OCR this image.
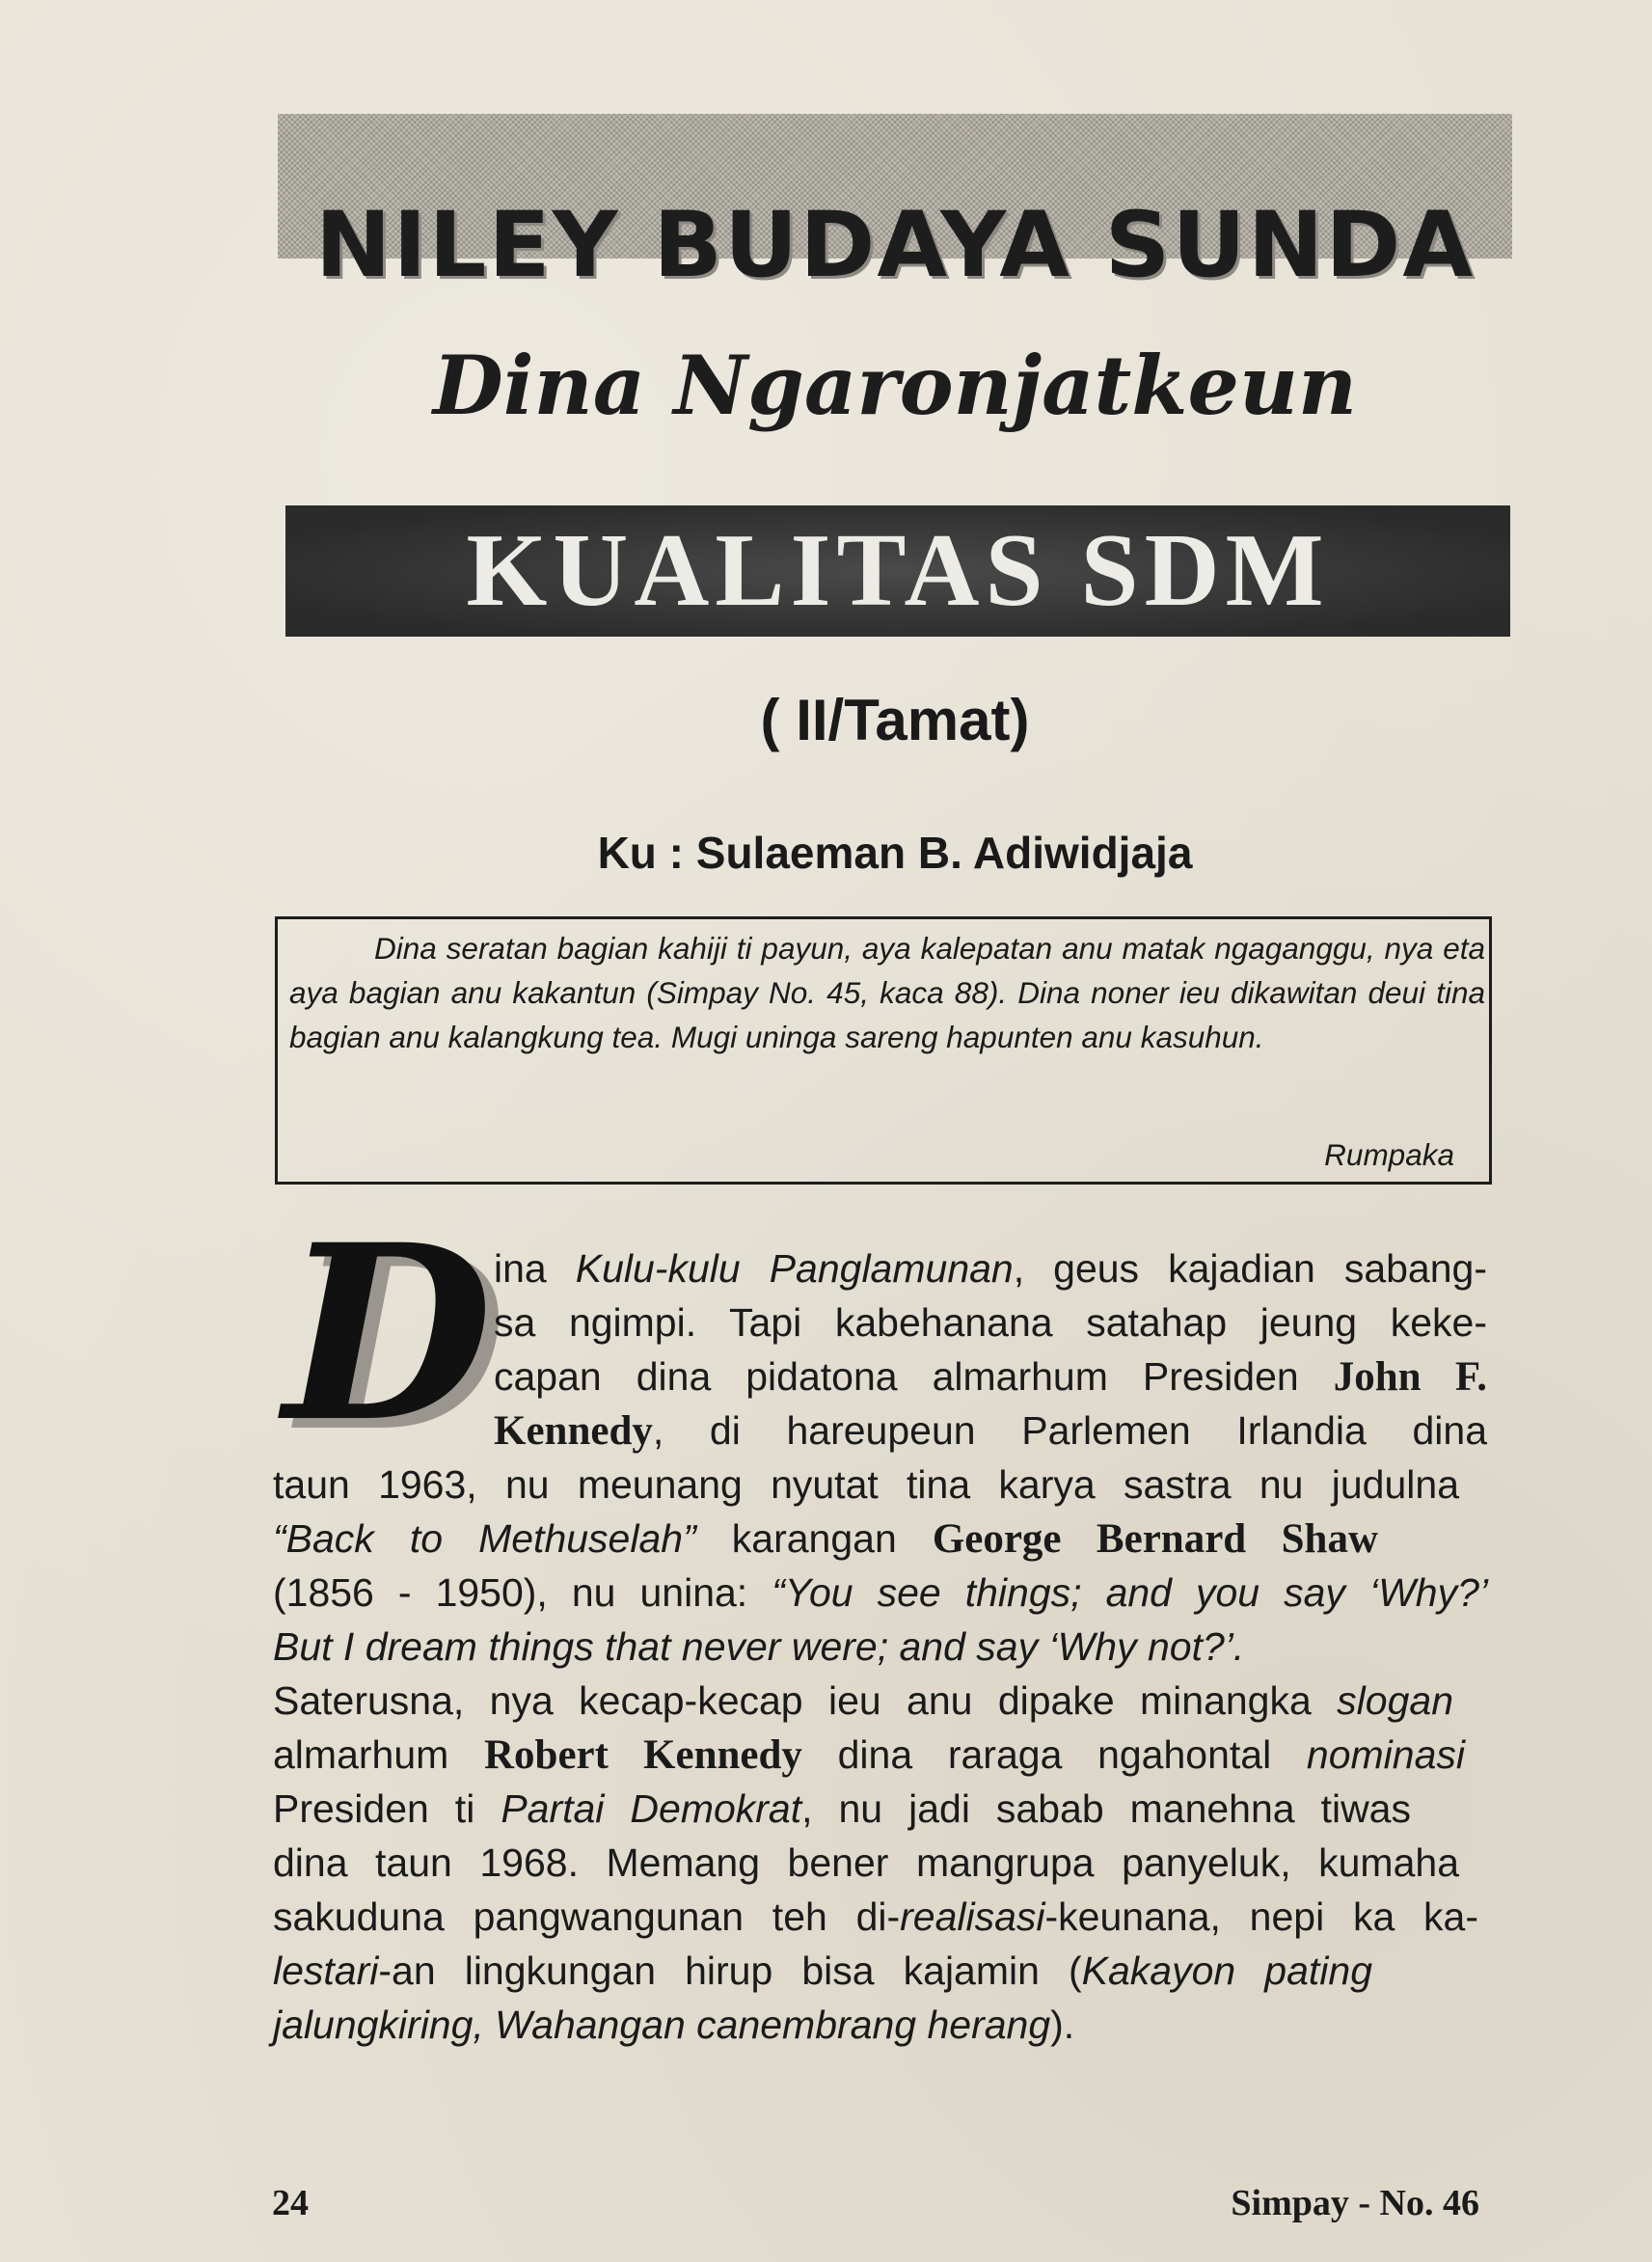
NILEY BUDAYA SUNDA
Dina Ngaronjatkeun
KUALITAS SDM
( II/Tamat)
Ku : Sulaeman B. Adiwidjaja

Dina seratan bagian kahiji ti payun, aya kalepatan anu matak ngaganggu, nya eta aya bagian anu kakantun (Simpay No. 45, kaca 88). Dina noner ieu dikawitan deui tina bagian anu kalangkung tea. Mugi uninga sareng hapunten anu kasuhun.

Rumpaka
D ina Kulu-kulu Panglamunan, geus kajadian sabang-
sa ngimpi. Tapi kabehanana satahap jeung keke-
capan dina pidatona almarhum Presiden John F.
Kennedy, di hareupeun Parlemen Irlandia dina
taun 1963, nu meunang nyutat tina karya sastra nu judulna
“Back to Methuselah” karangan George Bernard Shaw
(1856 - 1950), nu unina: “You see things; and you say ‘Why?’
But I dream things that never were; and say ‘Why not?’.
Saterusna, nya kecap-kecap ieu anu dipake minangka slogan
almarhum Robert Kennedy dina raraga ngahontal nominasi
Presiden ti Partai Demokrat, nu jadi sabab manehna tiwas
dina taun 1968. Memang bener mangrupa panyeluk, kumaha
sakuduna pangwangunan teh di-realisasi-keunana, nepi ka ka-
lestari-an lingkungan hirup bisa kajamin (Kakayon pating
jalungkiring, Wahangan canembrang herang).
24	Simpay - No. 46
